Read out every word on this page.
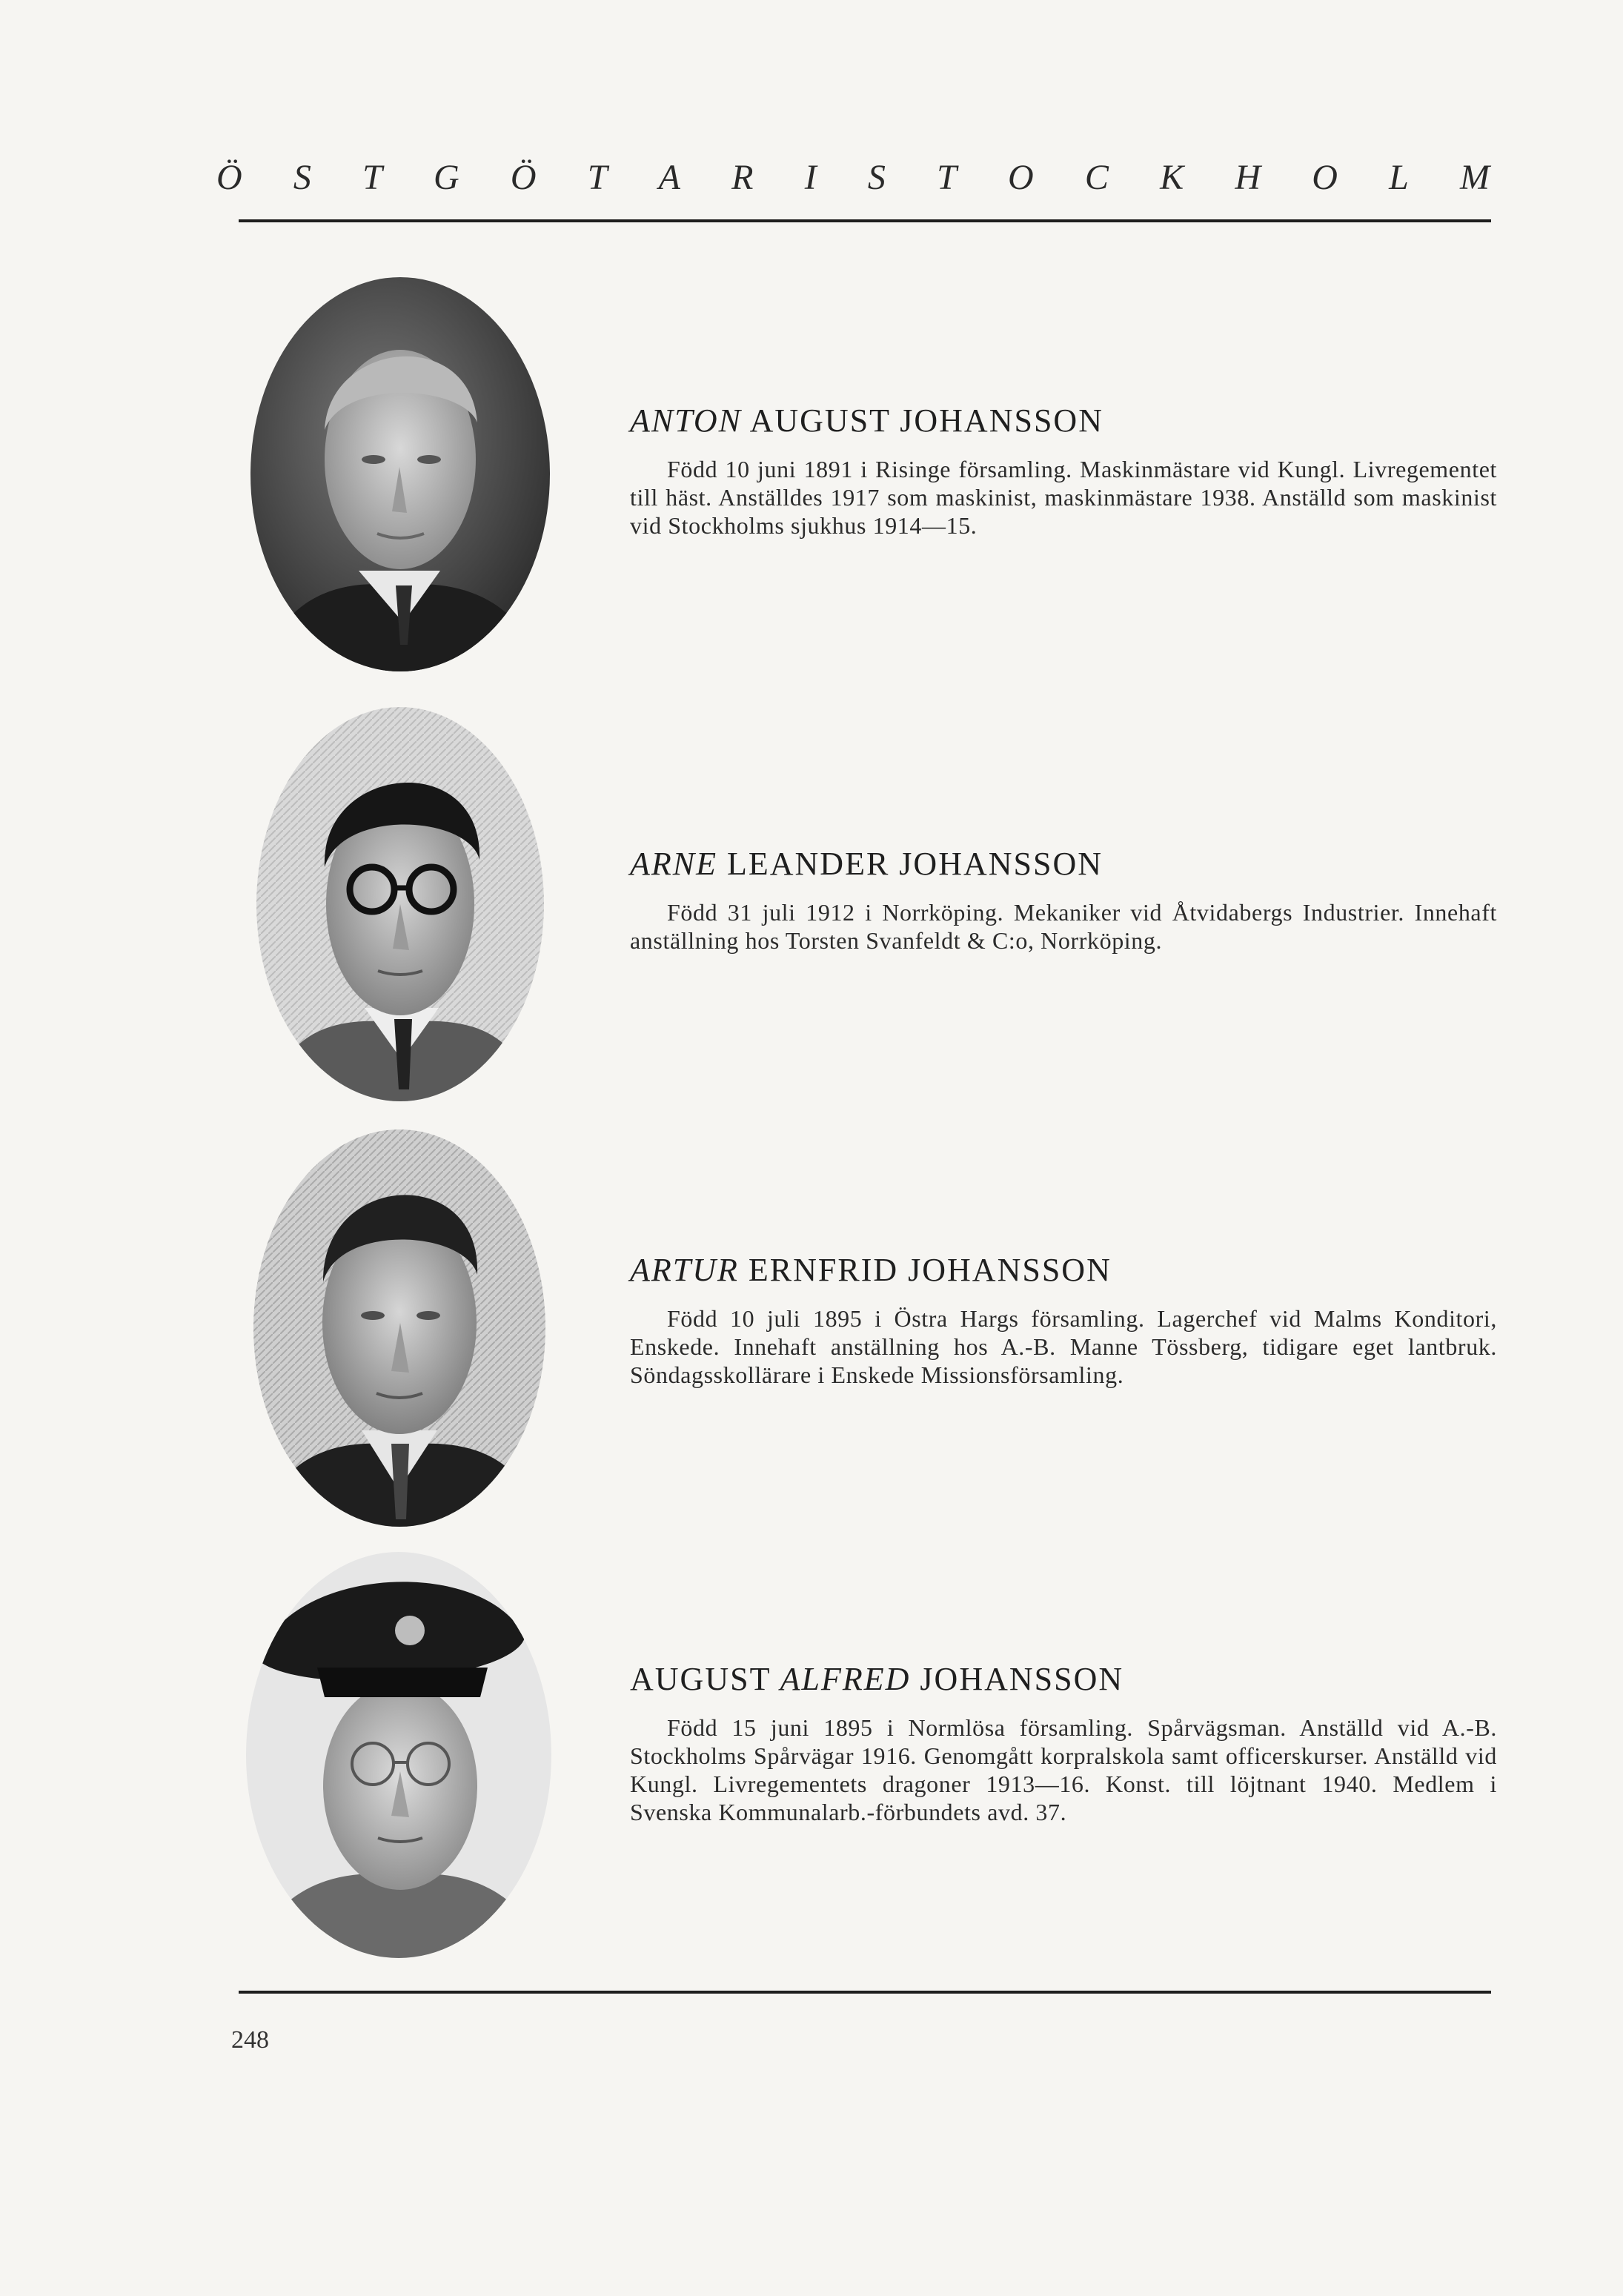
Ö S T G Ö T A R I S T O C K H O L M

ANTON AUGUST JOHANSSON

Född 10 juni 1891 i Risinge församling. Maskinmästare vid Kungl. Livregementet till häst. Anställdes 1917 som maskinist, maskinmästare 1938. Anställd som maskinist vid Stockholms sjukhus 1914—15.

ARNE LEANDER JOHANSSON

Född 31 juli 1912 i Norrköping. Mekaniker vid Åtvidabergs Industrier. Innehaft anställning hos Torsten Svanfeldt & C:o, Norrköping.

ARTUR ERNFRID JOHANSSON

Född 10 juli 1895 i Östra Hargs församling. Lagerchef vid Malms Konditori, Enskede. Innehaft anställning hos A.-B. Manne Tössberg, tidigare eget lantbruk. Söndagsskollärare i Enskede Missionsförsamling.

AUGUST ALFRED JOHANSSON

Född 15 juni 1895 i Normlösa församling. Spårvägsman. Anställd vid A.-B. Stockholms Spårvägar 1916. Genomgått korpralskola samt officerskurser. Anställd vid Kungl. Livregementets dragoner 1913—16. Konst. till löjtnant 1940. Medlem i Svenska Kommunalarb.-förbundets avd. 37.

248
